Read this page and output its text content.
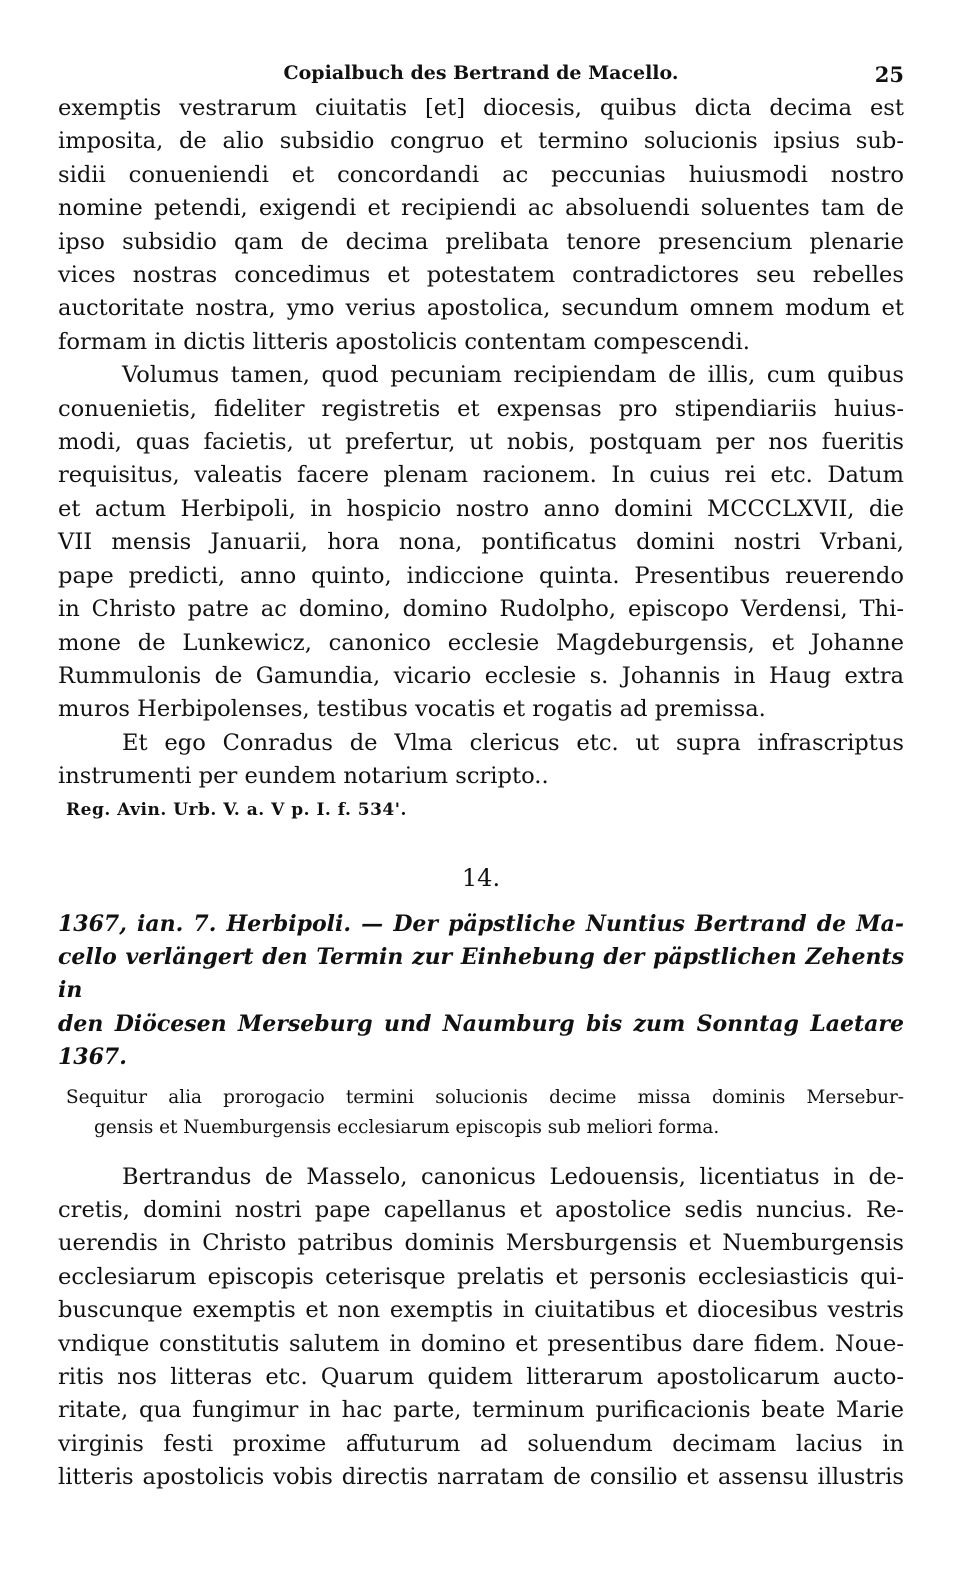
Copialbuch des Bertrand de Macello.	25

exemptis vestrarum ciuitatis [et] diocesis, quibus dicta decima est

imposita, de alio subsidio congruo et termino solucionis ipsius sub-

sidii conueniendi et concordandi ac peccunias huiusmodi nostro

nomine petendi, exigendi et recipiendi ac absoluendi soluentes tam de

ipso subsidio qam de decima prelibata tenore presencium plenarie

vices nostras concedimus et potestatem contradictores seu rebelles

auctoritate nostra, ymo verius apostolica, secundum omnem modum et

formam in dictis litteris apostolicis contentam compescendi.

Volumus tamen, quod pecuniam recipiendam de illis, cum quibus

conuenietis, fideliter registretis et expensas pro stipendiariis huius-

modi, quas facietis, ut prefertur, ut nobis, postquam per nos fueritis

requisitus, valeatis facere plenam racionem. In cuius rei etc. Datum

et actum Herbipoli, in hospicio nostro anno domini MCCCLXVII, die

VII mensis Januarii, hora nona, pontificatus domini nostri Vrbani,

pape predicti, anno quinto, indiccione quinta. Presentibus reuerendo

in Christo patre ac domino, domino Rudolpho, episcopo Verdensi, Thi-

mone de Lunkewicz, canonico ecclesie Magdeburgensis, et Johanne

Rummulonis de Gamundia, vicario ecclesie s. Johannis in Haug extra

muros Herbipolenses, testibus vocatis et rogatis ad premissa.

Et ego Conradus de Vlma clericus etc. ut supra infrascriptus

instrumenti per eundem notarium scripto..

Reg. Avin. Urb. V. a. V p. I. f. 534'.
14.

1367, ian. 7. Herbipoli. — Der päpstliche Nuntius Bertrand de Ma-

cello verlängert den Termin zur Einhebung der päpstlichen Zehents in

den Diöcesen Merseburg und Naumburg bis zum Sonntag Laetare 1367.

Sequitur alia prorogacio termini solucionis decime missa dominis Mersebur-

gensis et Nuemburgensis ecclesiarum episcopis sub meliori forma.

Bertrandus de Masselo, canonicus Ledouensis, licentiatus in de-

cretis, domini nostri pape capellanus et apostolice sedis nuncius. Re-

uerendis in Christo patribus dominis Mersburgensis et Nuemburgensis

ecclesiarum episcopis ceterisque prelatis et personis ecclesiasticis qui-

buscunque exemptis et non exemptis in ciuitatibus et diocesibus vestris

vndique constitutis salutem in domino et presentibus dare fidem. Noue-

ritis nos litteras etc. Quarum quidem litterarum apostolicarum aucto-

ritate, qua fungimur in hac parte, terminum purificacionis beate Marie

virginis festi proxime affuturum ad soluendum decimam lacius in

litteris apostolicis vobis directis narratam de consilio et assensu illustris
